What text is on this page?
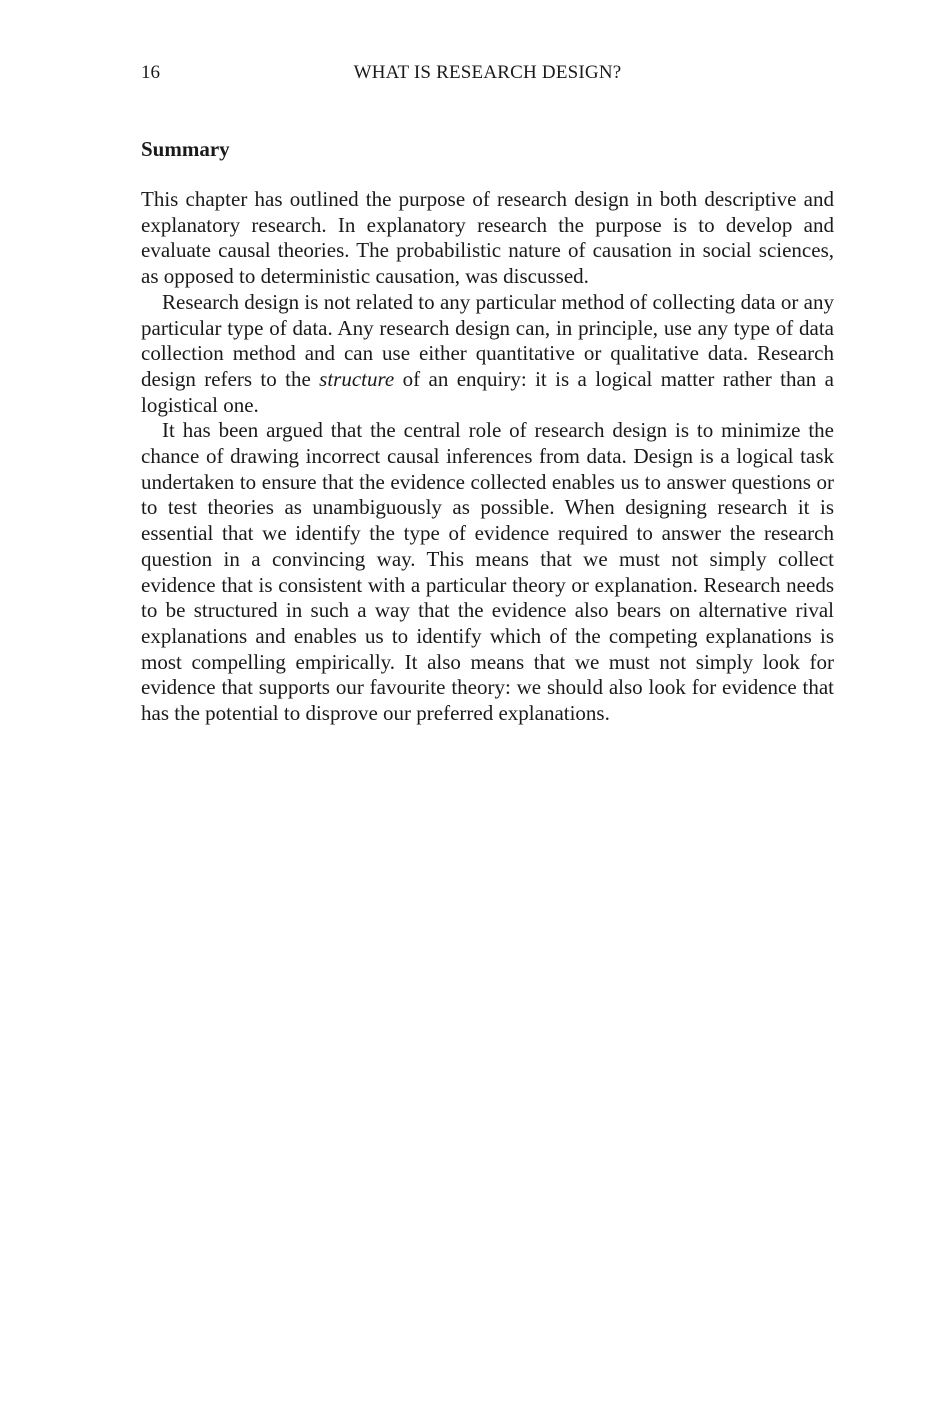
16	WHAT IS RESEARCH DESIGN?
Summary

This chapter has outlined the purpose of research design in both descriptive and explanatory research. In explanatory research the purpose is to develop and evaluate causal theories. The probabilistic nature of causation in social sciences, as opposed to deterministic causation, was discussed.

Research design is not related to any particular method of collecting data or any particular type of data. Any research design can, in principle, use any type of data collection method and can use either quantitative or qualitative data. Research design refers to the structure of an enquiry: it is a logical matter rather than a logistical one.

It has been argued that the central role of research design is to minimize the chance of drawing incorrect causal inferences from data. Design is a logical task undertaken to ensure that the evidence collected enables us to answer questions or to test theories as unambiguously as possible. When designing research it is essential that we identify the type of evidence required to answer the research question in a convincing way. This means that we must not simply collect evidence that is consistent with a particular theory or explanation. Research needs to be structured in such a way that the evidence also bears on alternative rival explanations and enables us to identify which of the competing explanations is most compelling empirically. It also means that we must not simply look for evidence that supports our favourite theory: we should also look for evidence that has the potential to disprove our preferred explanations.
